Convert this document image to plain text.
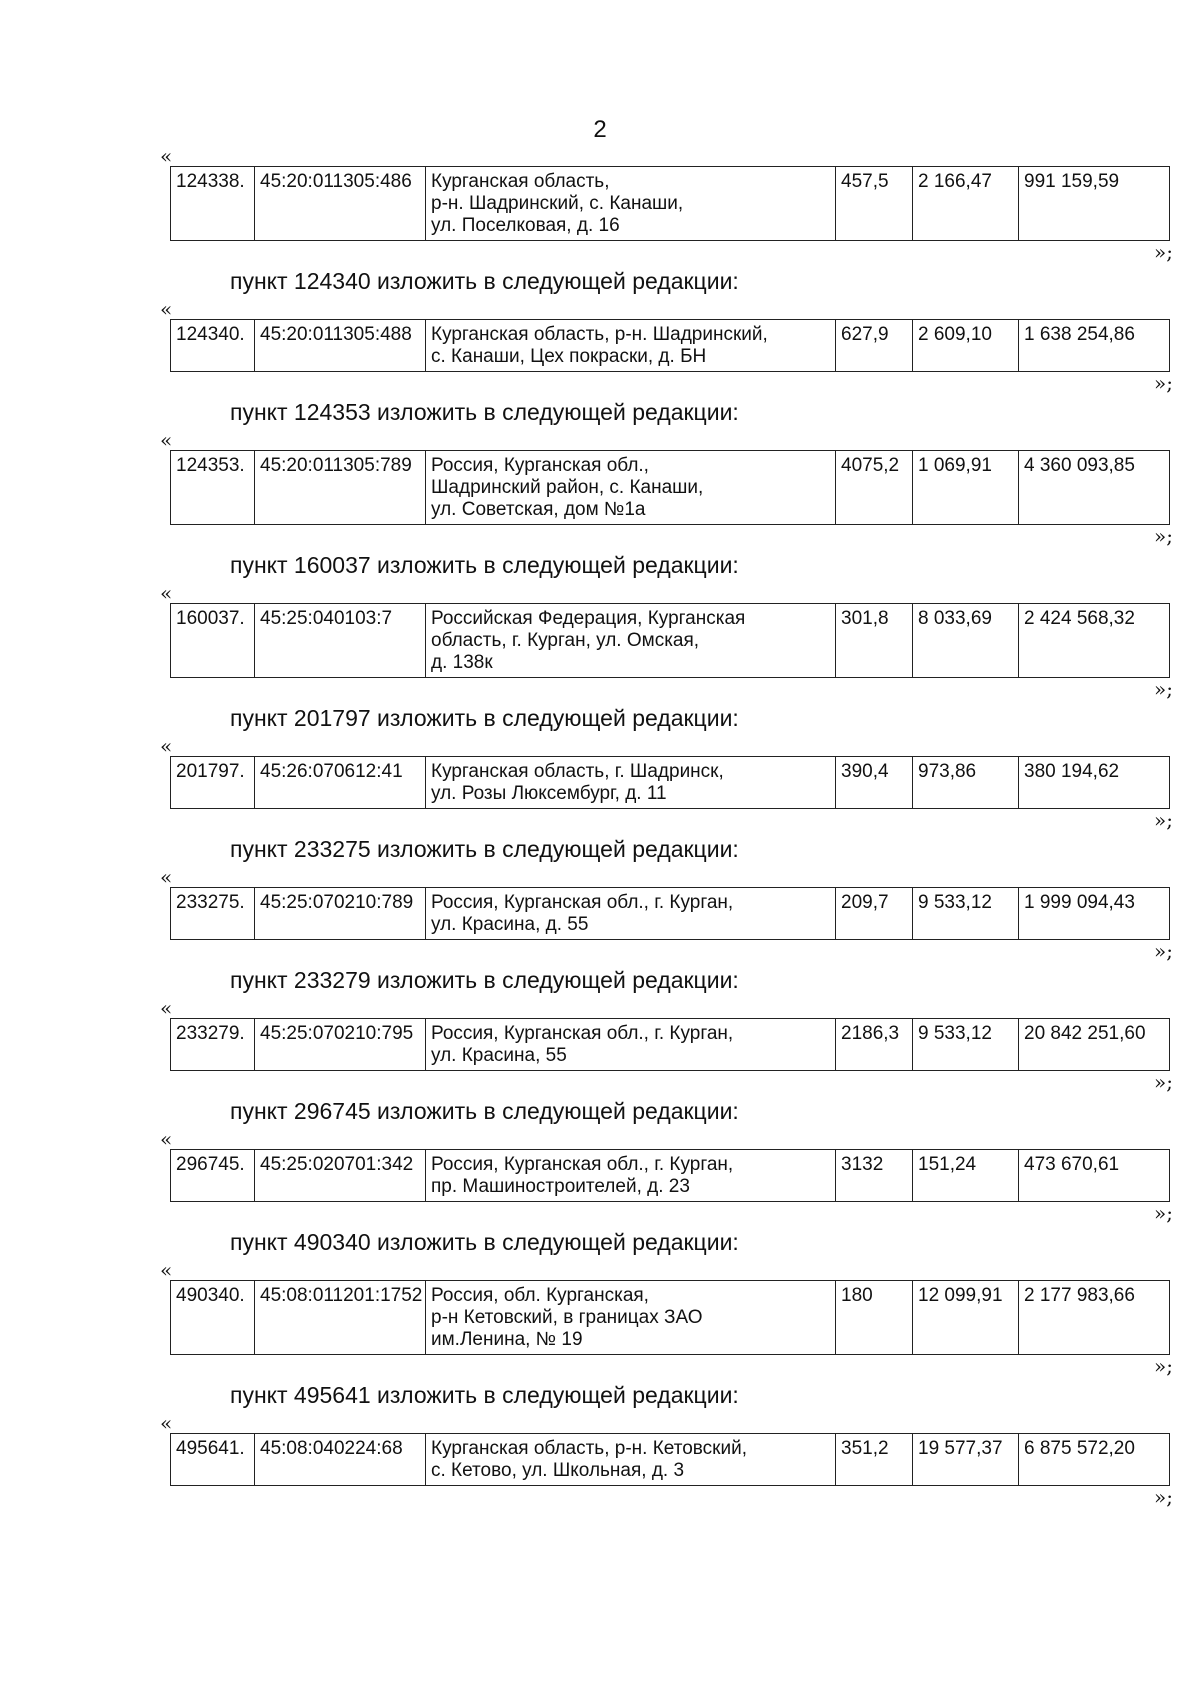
2
«
124338.	45:20:011305:486	Курганская область,
р-н. Шадринский, с. Канаши,
ул. Поселковая, д. 16	457,5	2 166,47	991 159,59
»;
пункт 124340 изложить в следующей редакции:
«
124340.	45:20:011305:488	Курганская область, р-н. Шадринский,
с. Канаши, Цех покраски, д. БН	627,9	2 609,10	1 638 254,86
»;
пункт 124353 изложить в следующей редакции:
«
124353.	45:20:011305:789	Россия, Курганская обл.,
Шадринский район, с. Канаши,
ул. Советская, дом №1а	4075,2	1 069,91	4 360 093,85
»;
пункт 160037 изложить в следующей редакции:
«
160037.	45:25:040103:7	Российская Федерация, Курганская
область, г. Курган, ул. Омская,
д. 138к	301,8	8 033,69	2 424 568,32
»;
пункт 201797 изложить в следующей редакции:
«
201797.	45:26:070612:41	Курганская область, г. Шадринск,
ул. Розы Люксембург, д. 11	390,4	973,86	380 194,62
»;
пункт 233275 изложить в следующей редакции:
«
233275.	45:25:070210:789	Россия, Курганская обл., г. Курган,
ул. Красина, д. 55	209,7	9 533,12	1 999 094,43
»;
пункт 233279 изложить в следующей редакции:
«
233279.	45:25:070210:795	Россия, Курганская обл., г. Курган,
ул. Красина, 55	2186,3	9 533,12	20 842 251,60
»;
пункт 296745 изложить в следующей редакции:
«
296745.	45:25:020701:342	Россия, Курганская обл., г. Курган,
пр. Машиностроителей, д. 23	3132	151,24	473 670,61
»;
пункт 490340 изложить в следующей редакции:
«
490340.	45:08:011201:1752	Россия, обл. Курганская,
р-н Кетовский, в границах ЗАО
им.Ленина, № 19	180	12 099,91	2 177 983,66
»;
пункт 495641 изложить в следующей редакции:
«
495641.	45:08:040224:68	Курганская область, р-н. Кетовский,
с. Кетово, ул. Школьная, д. 3	351,2	19 577,37	6 875 572,20
»;
